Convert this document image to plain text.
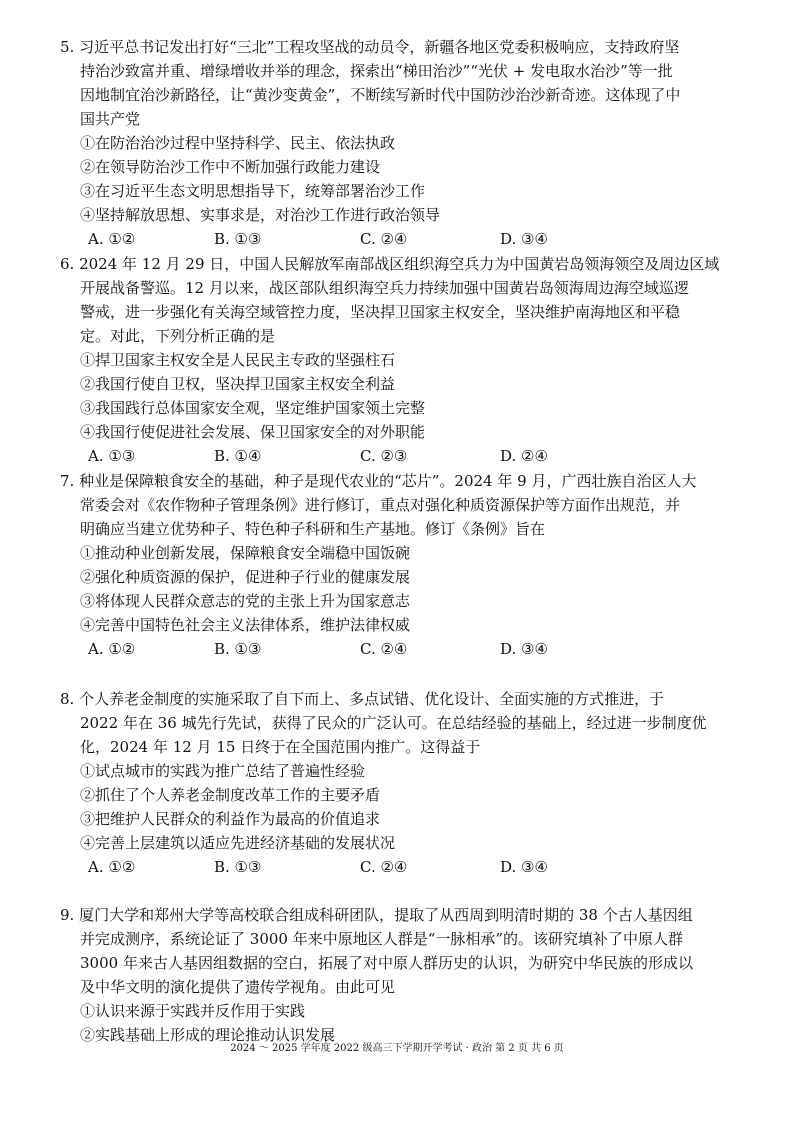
5. 习近平总书记发出打好“三北”工程攻坚战的动员令，新疆各地区党委积极响应，支持政府坚
持治沙致富并重、增绿增收并举的理念，探索出“梯田治沙”“光伏 + 发电取水治沙”等一批
因地制宜治沙新路径，让“黄沙变黄金”，不断续写新时代中国防沙治沙新奇迹。这体现了中
国共产党
①在防治治沙过程中坚持科学、民主、依法执政
②在领导防治沙工作中不断加强行政能力建设
③在习近平生态文明思想指导下，统筹部署治沙工作
④坚持解放思想、实事求是，对治沙工作进行政治领导
A. ①②	B. ①③	C. ②④	D. ③④
6. 2024 年 12 月 29 日，中国人民解放军南部战区组织海空兵力为中国黄岩岛领海领空及周边区域
开展战备警巡。12 月以来，战区部队组织海空兵力持续加强中国黄岩岛领海周边海空域巡逻
警戒，进一步强化有关海空域管控力度，坚决捍卫国家主权安全，坚决维护南海地区和平稳
定。对此，下列分析正确的是
①捍卫国家主权安全是人民民主专政的坚强柱石
②我国行使自卫权，坚决捍卫国家主权安全利益
③我国践行总体国家安全观，坚定维护国家领土完整
④我国行使促进社会发展、保卫国家安全的对外职能
A. ①③	B. ①④	C. ②③	D. ②④
7. 种业是保障粮食安全的基础，种子是现代农业的“芯片”。2024 年 9 月，广西壮族自治区人大
常委会对《农作物种子管理条例》进行修订，重点对强化种质资源保护等方面作出规范，并
明确应当建立优势种子、特色种子科研和生产基地。修订《条例》旨在
①推动种业创新发展，保障粮食安全端稳中国饭碗
②强化种质资源的保护，促进种子行业的健康发展
③将体现人民群众意志的党的主张上升为国家意志
④完善中国特色社会主义法律体系，维护法律权威
A. ①②	B. ①③	C. ②④	D. ③④
8. 个人养老金制度的实施采取了自下而上、多点试错、优化设计、全面实施的方式推进，于
2022 年在 36 城先行先试，获得了民众的广泛认可。在总结经验的基础上，经过进一步制度优
化，2024 年 12 月 15 日终于在全国范围内推广。这得益于
①试点城市的实践为推广总结了普遍性经验
②抓住了个人养老金制度改革工作的主要矛盾
③把维护人民群众的利益作为最高的价值追求
④完善上层建筑以适应先进经济基础的发展状况
A. ①②	B. ①③	C. ②④	D. ③④
9. 厦门大学和郑州大学等高校联合组成科研团队，提取了从西周到明清时期的 38 个古人基因组
并完成测序，系统论证了 3000 年来中原地区人群是“一脉相承”的。该研究填补了中原人群
3000 年来古人基因组数据的空白，拓展了对中原人群历史的认识，为研究中华民族的形成以
及中华文明的演化提供了遗传学视角。由此可见
①认识来源于实践并反作用于实践
②实践基础上形成的理论推动认识发展
2024 ～ 2025 学年度 2022 级高三下学期开学考试 · 政治 第 2 页 共 6 页
